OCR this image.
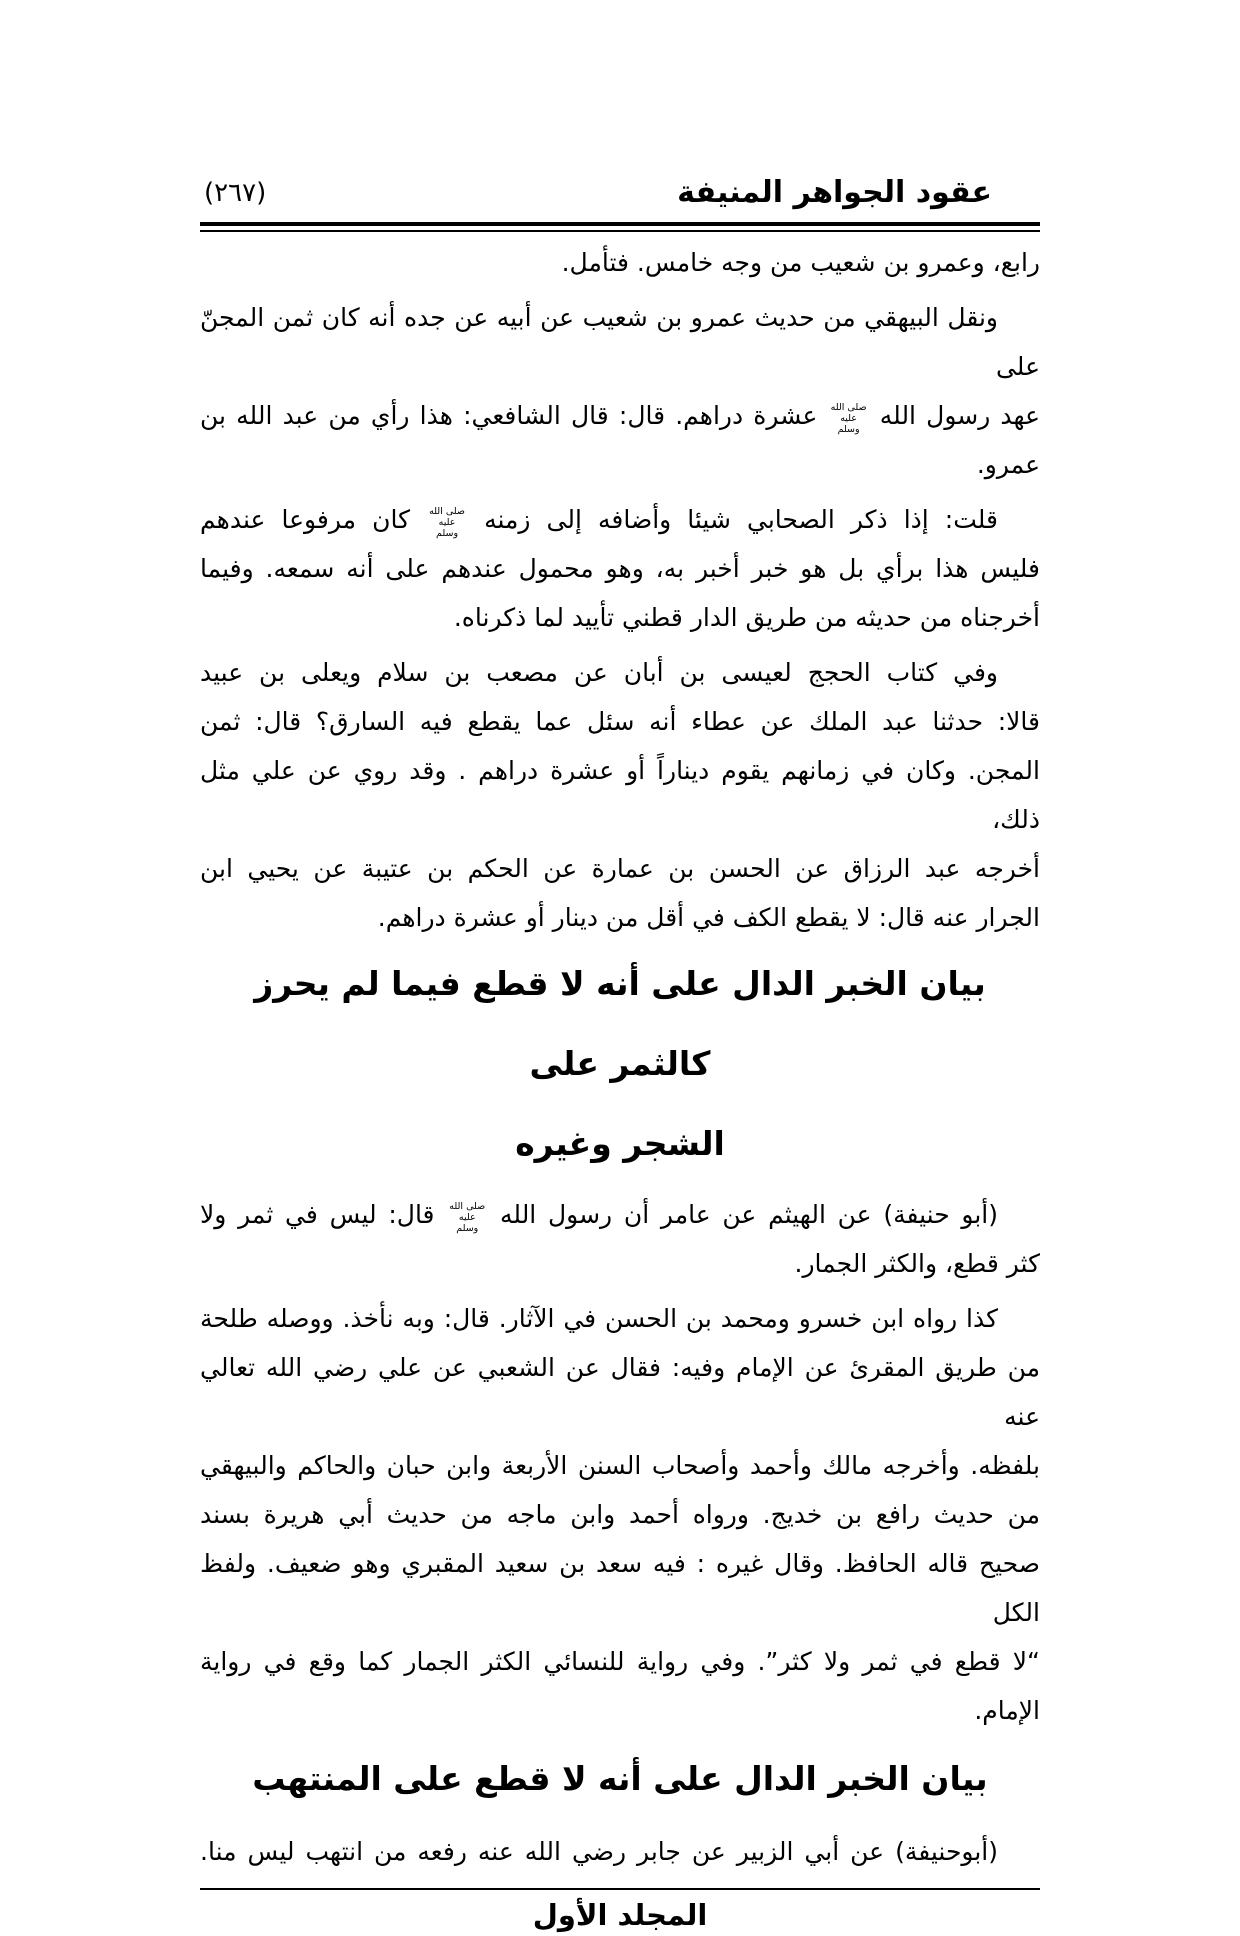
عقود الجواهر المنيفة
(٢٦٧)
رابع، وعمرو بن شعيب من وجه خامس. فتأمل.
ونقل البيهقي من حديث عمرو بن شعيب عن أبيه عن جده أنه كان ثمن المجنّ على
عهد رسول الله صلى الله عليه وسلم عشرة دراهم. قال: قال الشافعي: هذا رأي من عبد الله بن عمرو.
قلت: إذا ذكر الصحابي شيئا وأضافه إلى زمنه صلى الله عليه وسلم كان مرفوعا عندهم
فليس هذا برأي بل هو خبر أخبر به، وهو محمول عندهم على أنه سمعه. وفيما
أخرجناه من حديثه من طريق الدار قطني تأييد لما ذكرناه.
وفي كتاب الحجج لعيسى بن أبان عن مصعب بن سلام ويعلى بن عبيد
قالا: حدثنا عبد الملك عن عطاء أنه سئل عما يقطع فيه السارق؟ قال: ثمن
المجن. وكان في زمانهم يقوم ديناراً أو عشرة دراهم . وقد روي عن علي مثل ذلك،
أخرجه عبد الرزاق عن الحسن بن عمارة عن الحكم بن عتيبة عن يحيي ابن
الجرار عنه قال: لا يقطع الكف في أقل من دينار أو عشرة دراهم.
بيان الخبر الدال على أنه لا قطع فيما لم يحرز كالثمر على
الشجر وغيره
(أبو حنيفة) عن الهيثم عن عامر أن رسول الله صلى الله عليه وسلم قال: ليس في ثمر ولا
كثر قطع، والكثر الجمار.
كذا رواه ابن خسرو ومحمد بن الحسن في الآثار. قال: وبه نأخذ. ووصله طلحة
من طريق المقرئ عن الإمام وفيه: فقال عن الشعبي عن علي رضي الله تعالي عنه
بلفظه. وأخرجه مالك وأحمد وأصحاب السنن الأربعة وابن حبان والحاكم والبيهقي
من حديث رافع بن خديج. ورواه أحمد وابن ماجه من حديث أبي هريرة بسند
صحيح قاله الحافظ. وقال غيره : فيه سعد بن سعيد المقبري وهو ضعيف. ولفظ الكل
“لا قطع في ثمر ولا كثر”. وفي رواية للنسائي الكثر الجمار كما وقع في رواية الإمام.
بيان الخبر الدال على أنه لا قطع على المنتهب
(أبوحنيفة) عن أبي الزبير عن جابر رضي الله عنه رفعه من انتهب ليس منا.
المجلد الأول
